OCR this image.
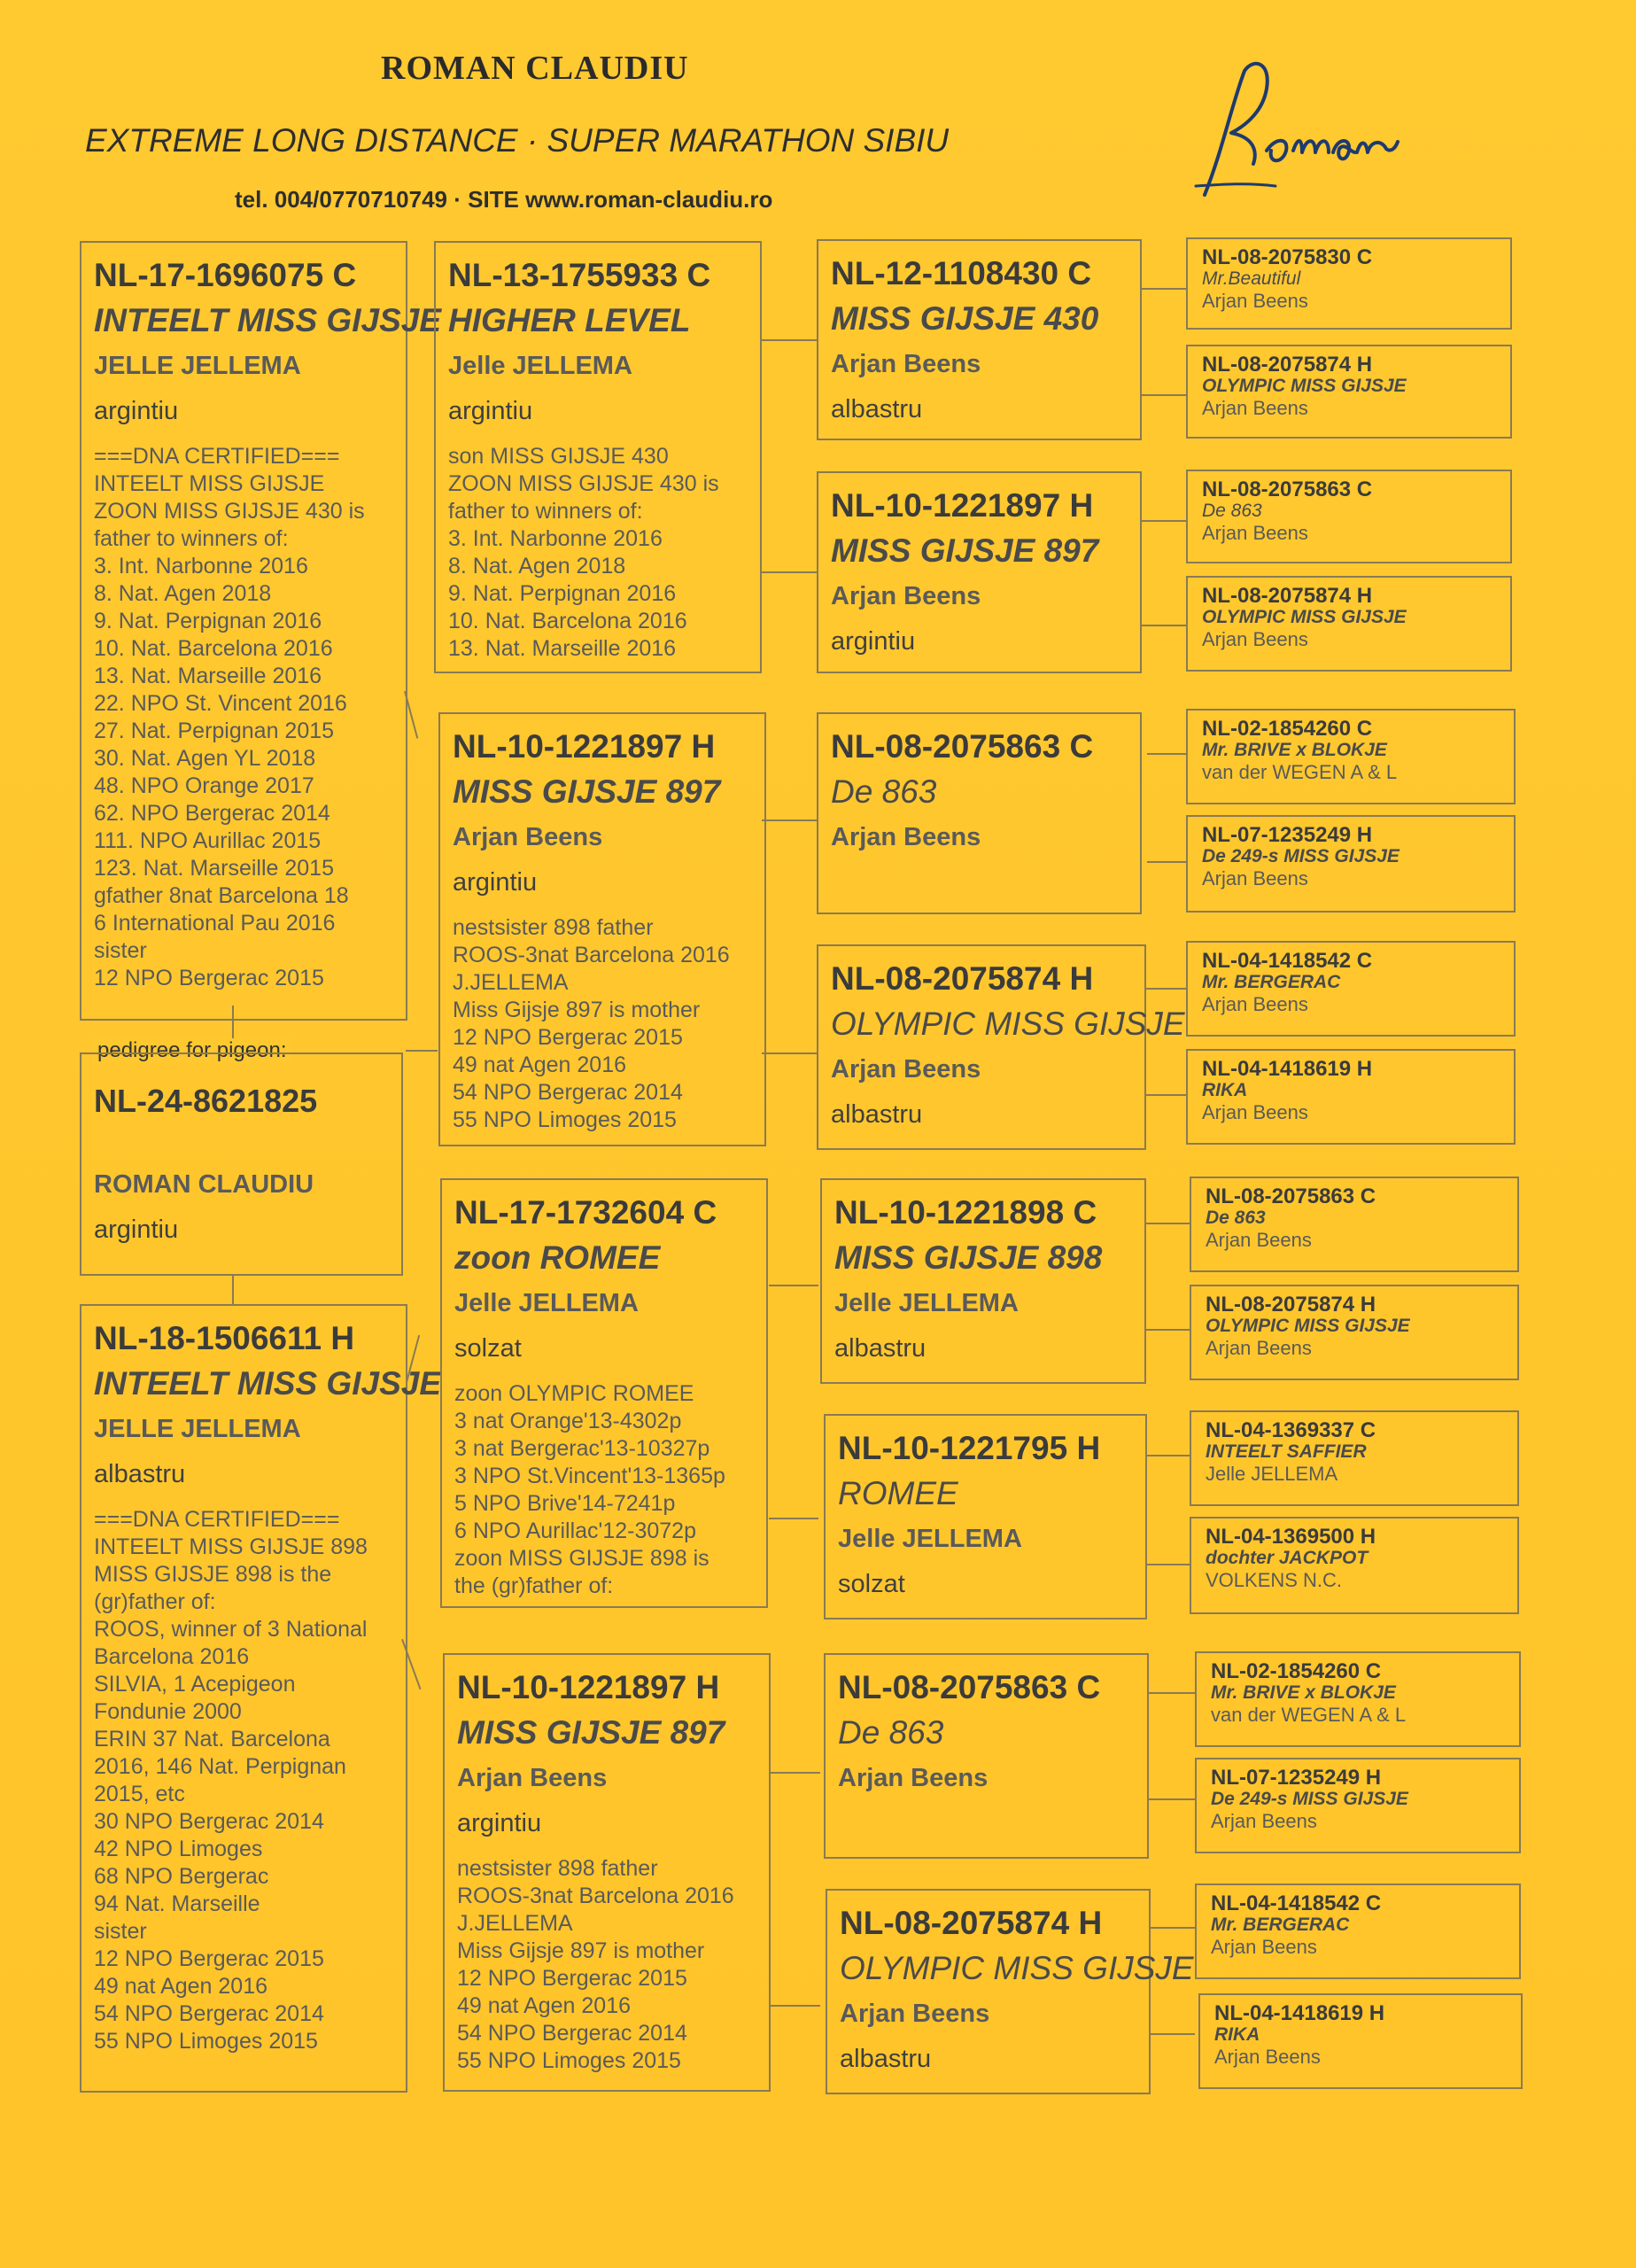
ROMAN CLAUDIU
EXTREME LONG DISTANCE · SUPER MARATHON SIBIU
tel. 004/0770710749 · SITE www.roman-claudiu.ro
NL-17-1696075 C
INTEELT MISS GIJSJE
JELLE JELLEMA
argintiu
===DNA CERTIFIED===
INTEELT MISS GIJSJE
ZOON MISS GIJSJE 430 is
father to winners of:
3. Int. Narbonne 2016
8. Nat. Agen 2018
9. Nat. Perpignan 2016
10. Nat. Barcelona 2016
13. Nat. Marseille 2016
22. NPO St. Vincent 2016
27. Nat. Perpignan 2015
30. Nat. Agen YL 2018
48. NPO Orange 2017
62. NPO Bergerac 2014
111. NPO Aurillac 2015
123. Nat. Marseille 2015
gfather 8nat Barcelona 18
6 International Pau 2016
sister
12 NPO Bergerac 2015
pedigree for pigeon:
NL-24-8621825
ROMAN CLAUDIU
argintiu
NL-18-1506611 H
INTEELT MISS GIJSJE
JELLE JELLEMA
albastru
===DNA CERTIFIED===
INTEELT MISS GIJSJE 898
MISS GIJSJE 898 is the
(gr)father of:
ROOS, winner of 3 National
Barcelona 2016
SILVIA, 1 Acepigeon
Fondunie 2000
ERIN 37 Nat. Barcelona
2016, 146 Nat. Perpignan
2015, etc
30 NPO Bergerac 2014
42 NPO Limoges
68 NPO Bergerac
94 Nat. Marseille
sister
12 NPO Bergerac 2015
49 nat Agen 2016
54 NPO Bergerac 2014
55 NPO Limoges 2015
NL-13-1755933 C
HIGHER LEVEL
Jelle JELLEMA
argintiu
son MISS GIJSJE 430
ZOON MISS GIJSJE 430 is
father to winners of:
3. Int. Narbonne 2016
8. Nat. Agen 2018
9. Nat. Perpignan 2016
10. Nat. Barcelona 2016
13. Nat. Marseille 2016
NL-10-1221897 H
MISS GIJSJE 897
Arjan Beens
argintiu
nestsister 898 father
ROOS-3nat Barcelona 2016
J.JELLEMA
Miss Gijsje 897 is mother
12 NPO Bergerac 2015
49 nat Agen 2016
54 NPO Bergerac 2014
55 NPO Limoges 2015
NL-17-1732604 C
zoon ROMEE
Jelle JELLEMA
solzat
zoon OLYMPIC ROMEE
3 nat Orange'13-4302p
3 nat Bergerac'13-10327p
3 NPO St.Vincent'13-1365p
5 NPO Brive'14-7241p
6 NPO Aurillac'12-3072p
zoon MISS GIJSJE 898 is
the (gr)father of:
NL-10-1221897 H
MISS GIJSJE 897
Arjan Beens
argintiu
nestsister 898 father
ROOS-3nat Barcelona 2016
J.JELLEMA
Miss Gijsje 897 is mother
12 NPO Bergerac 2015
49 nat Agen 2016
54 NPO Bergerac 2014
55 NPO Limoges 2015
NL-12-1108430 C
MISS GIJSJE 430
Arjan Beens
albastru
NL-10-1221897 H
MISS GIJSJE 897
Arjan Beens
argintiu
NL-08-2075863 C
De 863
Arjan Beens
NL-08-2075874 H
OLYMPIC MISS GIJSJE
Arjan Beens
albastru
NL-10-1221898 C
MISS GIJSJE 898
Jelle JELLEMA
albastru
NL-10-1221795 H
ROMEE
Jelle JELLEMA
solzat
NL-08-2075863 C
De 863
Arjan Beens
NL-08-2075874 H
OLYMPIC MISS GIJSJE
Arjan Beens
albastru
NL-08-2075830 C
Mr.Beautiful
Arjan Beens
NL-08-2075874 H
OLYMPIC MISS GIJSJE
Arjan Beens
NL-08-2075863 C
De 863
Arjan Beens
NL-08-2075874 H
OLYMPIC MISS GIJSJE
Arjan Beens
NL-02-1854260 C
Mr. BRIVE x BLOKJE
van der WEGEN A & L
NL-07-1235249 H
De 249-s MISS GIJSJE
Arjan Beens
NL-04-1418542 C
Mr. BERGERAC
Arjan Beens
NL-04-1418619 H
RIKA
Arjan Beens
NL-08-2075863 C
De 863
Arjan Beens
NL-08-2075874 H
OLYMPIC MISS GIJSJE
Arjan Beens
NL-04-1369337 C
INTEELT SAFFIER
Jelle JELLEMA
NL-04-1369500 H
dochter JACKPOT
VOLKENS N.C.
NL-02-1854260 C
Mr. BRIVE x BLOKJE
van der WEGEN A & L
NL-07-1235249 H
De 249-s MISS GIJSJE
Arjan Beens
NL-04-1418542 C
Mr. BERGERAC
Arjan Beens
NL-04-1418619 H
RIKA
Arjan Beens
